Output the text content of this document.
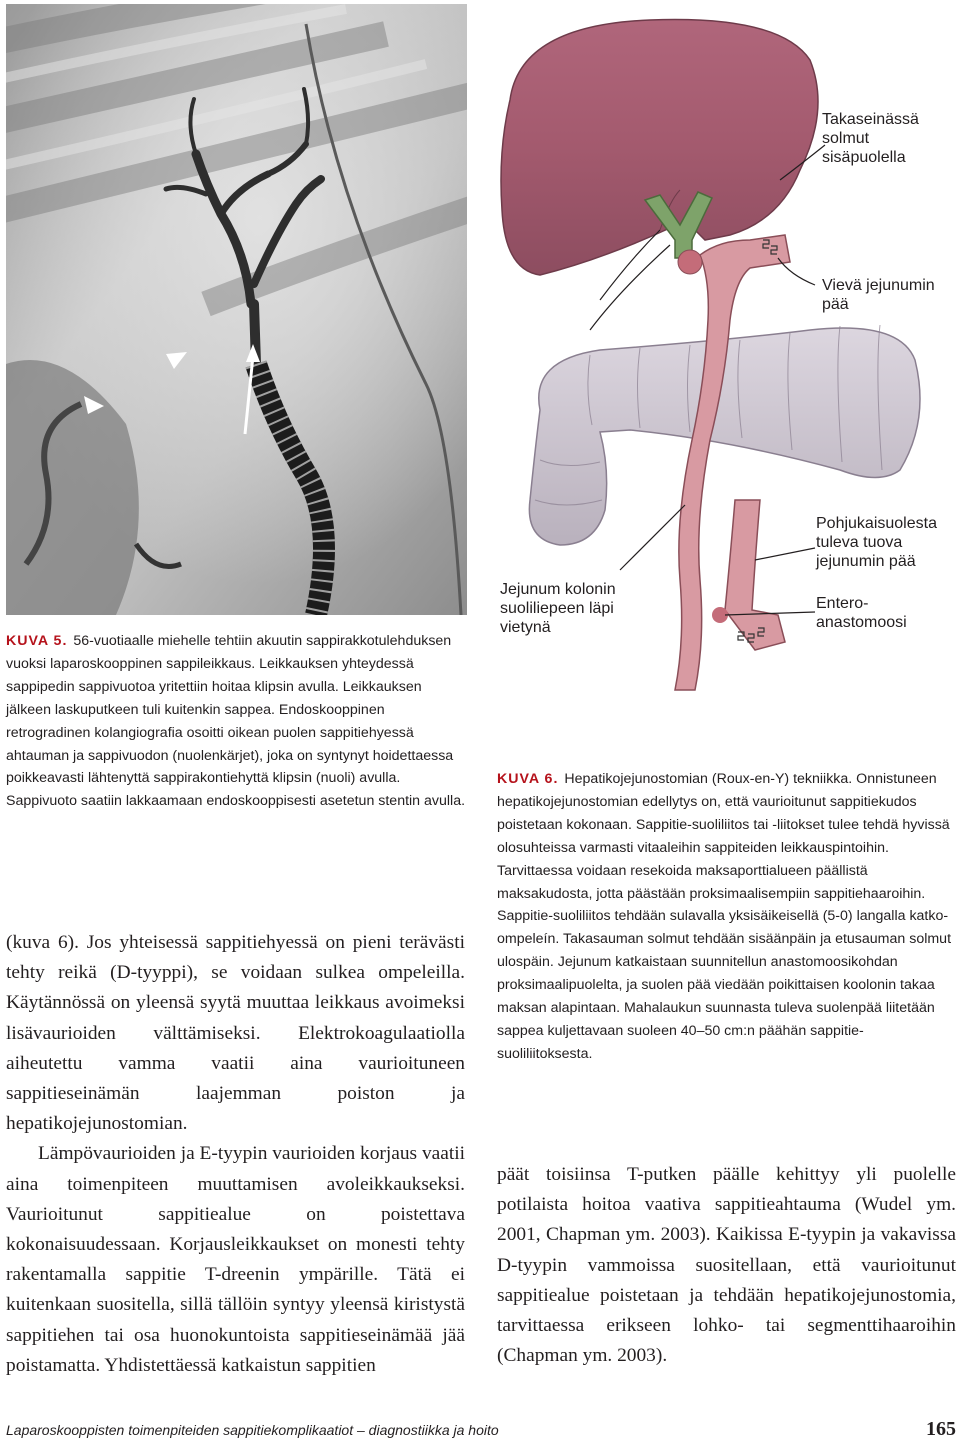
Takaseinässä solmut sisäpuolella
Vievä jejunumin pää
Pohjukaisuolesta tuleva tuova jejunumin pää
Entero-anastomoosi
Jejunum kolonin suoliliepeen läpi vietynä
KUVA 5. 56-vuotiaalle miehelle tehtiin akuutin sappirakkotulehduksen vuoksi laparoskooppinen sappileikkaus. Leikkauksen yhteydessä sappipedin sappivuotoa yritettiin hoitaa klipsin avulla. Leikkauksen jälkeen laskuputkeen tuli kuitenkin sappea. Endoskooppinen retrogradinen kolangiografia osoitti oikean puolen sappitiehyessä ahtauman ja sappivuodon (nuolenkärjet), joka on syntynyt hoidettaessa poikkeavasti lähtenyttä sappirakontiehyttä klipsin (nuoli) avulla. Sappivuoto saatiin lakkaamaan endoskooppisesti asetetun stentin avulla.
KUVA 6. Hepatikojejunostomian (Roux-en-Y) tekniikka. Onnistuneen hepatikojejunostomian edellytys on, että vaurioitunut sappitiekudos poistetaan kokonaan. Sappitie-suoliliitos tai -liitokset tulee tehdä hyvissä olosuhteissa varmasti vitaaleihin sappiteiden leikkauspintoihin. Tarvittaessa voidaan resekoida maksaporttialueen päällistä maksakudosta, jotta päästään proksimaalisempiin sappitiehaaroihin. Sappitie-suoliliitos tehdään sulavalla yksisäikeisellä (5-0) langalla katko-ompeleín. Takasauman solmut tehdään sisäänpäin ja etusauman solmut ulospäin. Jejunum katkaistaan suunnitellun anastomoosikohdan proksimaalipuolelta, ja suolen pää viedään poikittaisen koolonin takaa maksan alapintaan. Mahalaukun suunnasta tuleva suolenpää liitetään sappea kuljettavaan suoleen 40–50 cm:n päähän sappitie-suoliliitoksesta.

(kuva 6). Jos yhteisessä sappitiehyessä on pieni terävästi tehty reikä (D-tyyppi), se voidaan sulkea ompeleilla. Käytännössä on yleensä syytä muuttaa leikkaus avoimeksi lisävaurioiden välttämiseksi. Elektrokoagulaatiolla aiheutettu vamma vaatii aina vaurioituneen sappitieseinämän laajemman poiston ja hepatikojejunostomian.

Lämpövaurioiden ja E-tyypin vaurioiden korjaus vaatii aina toimenpiteen muuttamisen avoleikkaukseksi. Vaurioitunut sappitiealue on poistettava kokonaisuudessaan. Korjausleikkaukset on monesti tehty rakentamalla sappitie T-dreenin ympärille. Tätä ei kuitenkaan suositella, sillä tällöin syntyy yleensä kiristystä sappitiehen tai osa huonokuntoista sappitieseinämää jää poistamatta. Yhdistettäessä katkaistun sappitien

päät toisiinsa T-putken päälle kehittyy yli puolelle potilaista hoitoa vaativa sappitieahtauma (Wudel ym. 2001, Chapman ym. 2003). Kaikissa E-tyypin ja vakavissa D-tyypin vammoissa suositellaan, että vaurioitunut sappitiealue poistetaan ja tehdään hepatikojejunostomia, tarvittaessa erikseen lohko- tai segmenttihaaroihin (Chapman ym. 2003).

Laparoskooppisten toimenpiteiden sappitiekomplikaatiot – diagnostiikka ja hoito	165
